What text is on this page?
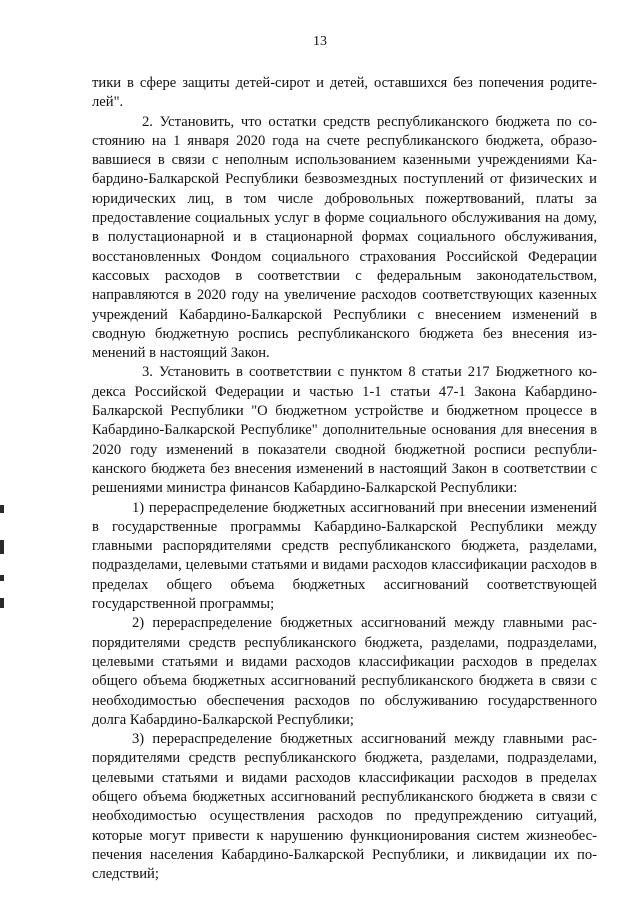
13

тики в сфере защиты детей-сирот и детей, оставшихся без попечения родителей".

2. Установить, что остатки средств республиканского бюджета по состоянию на 1 января 2020 года на счете республиканского бюджета, образовавшиеся в связи с неполным использованием казенными учреждениями Кабардино-Балкарской Республики безвозмездных поступлений от физических и юридических лиц, в том числе добровольных пожертвований, платы за предоставление социальных услуг в форме социального обслуживания на дому, в полустационарной и в стационарной формах социального обслуживания, восстановленных Фондом социального страхования Российской Федерации кассовых расходов в соответствии с федеральным законодательством, направляются в 2020 году на увеличение расходов соответствующих казенных учреждений Кабардино-Балкарской Республики с внесением изменений в сводную бюджетную роспись республиканского бюджета без внесения изменений в настоящий Закон.

3. Установить в соответствии с пунктом 8 статьи 217 Бюджетного кодекса Российской Федерации и частью 1-1 статьи 47-1 Закона Кабардино-Балкарской Республики "О бюджетном устройстве и бюджетном процессе в Кабардино-Балкарской Республике" дополнительные основания для внесения в 2020 году изменений в показатели сводной бюджетной росписи республиканского бюджета без внесения изменений в настоящий Закон в соответствии с решениями министра финансов Кабардино-Балкарской Республики:

1) перераспределение бюджетных ассигнований при внесении изменений в государственные программы Кабардино-Балкарской Республики между главными распорядителями средств республиканского бюджета, разделами, подразделами, целевыми статьями и видами расходов классификации расходов в пределах общего объема бюджетных ассигнований соответствующей государственной программы;

2) перераспределение бюджетных ассигнований между главными распорядителями средств республиканского бюджета, разделами, подразделами, целевыми статьями и видами расходов классификации расходов в пределах общего объема бюджетных ассигнований республиканского бюджета в связи с необходимостью обеспечения расходов по обслуживанию государственного долга Кабардино-Балкарской Республики;

3) перераспределение бюджетных ассигнований между главными распорядителями средств республиканского бюджета, разделами, подразделами, целевыми статьями и видами расходов классификации расходов в пределах общего объема бюджетных ассигнований республиканского бюджета в связи с необходимостью осуществления расходов по предупреждению ситуаций, которые могут привести к нарушению функционирования систем жизнеобеспечения населения Кабардино-Балкарской Республики, и ликвидации их последствий;
